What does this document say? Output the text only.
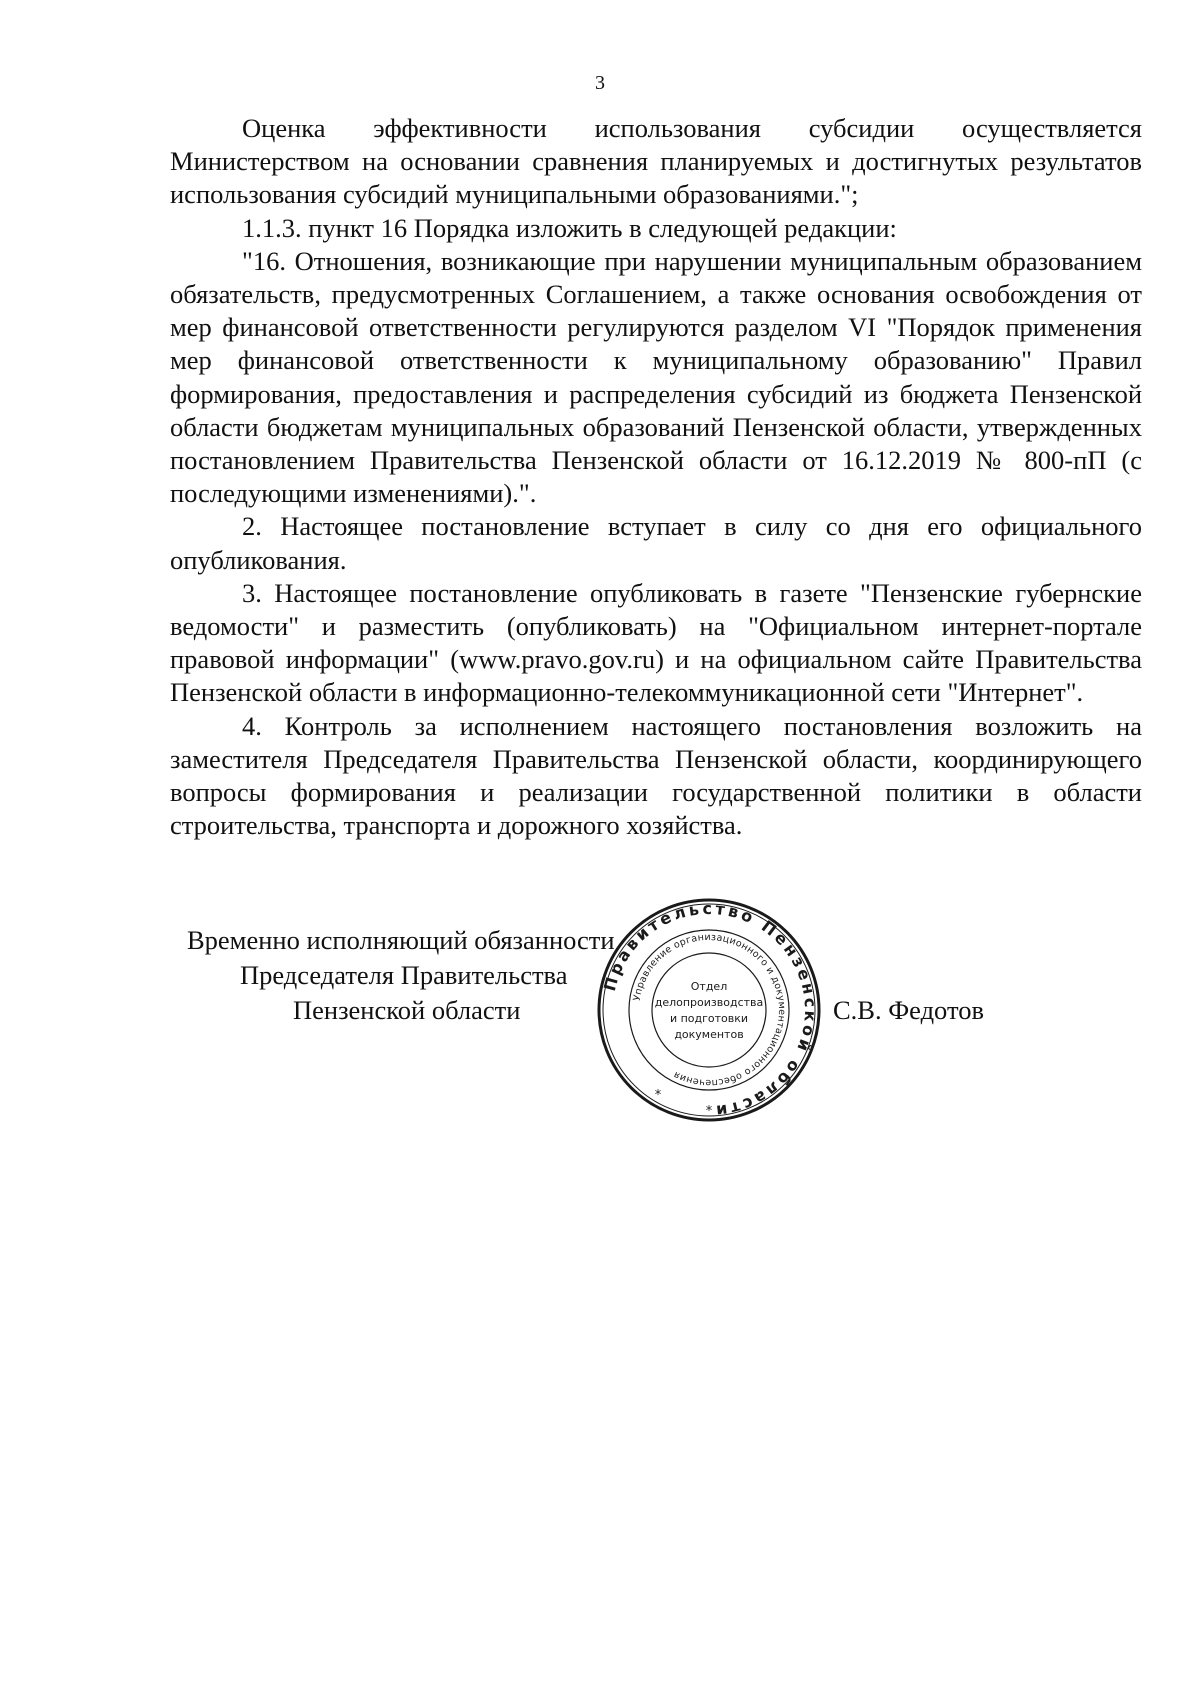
3

Оценка эффективности использования субсидии осуществляется Министерством на основании сравнения планируемых и достигнутых результатов использования субсидий муниципальными образованиями.";

1.1.3. пункт 16 Порядка изложить в следующей редакции:

"16. Отношения, возникающие при нарушении муниципальным образованием обязательств, предусмотренных Соглашением, а также основания освобождения от мер финансовой ответственности регулируются разделом VI "Порядок применения мер финансовой ответственности к муниципальному образованию" Правил формирования, предоставления и распределения субсидий из бюджета Пензенской области бюджетам муниципальных образований Пензенской области, утвержденных постановлением Правительства Пензенской области от 16.12.2019 № 800-пП (с последующими изменениями).".

2. Настоящее постановление вступает в силу со дня его официального опубликования.

3. Настоящее постановление опубликовать в газете "Пензенские губернские ведомости" и разместить (опубликовать) на "Официальном интернет-портале правовой информации" (www.pravo.gov.ru) и на официальном сайте Правительства Пензенской области в информационно-телекоммуникационной сети "Интернет".

4. Контроль за исполнением настоящего постановления возложить на заместителя Председателя Правительства Пензенской области, координирующего вопросы формирования и реализации государственной политики в области строительства, транспорта и дорожного хозяйства.

Временно исполняющий обязанности
Председателя Правительства
Пензенской области	С.В. Федотов
Правительство Пензенской области
Управление организационного и документационного обеспечения
Отдел
делопроизводства
и подготовки
документов
*
*
